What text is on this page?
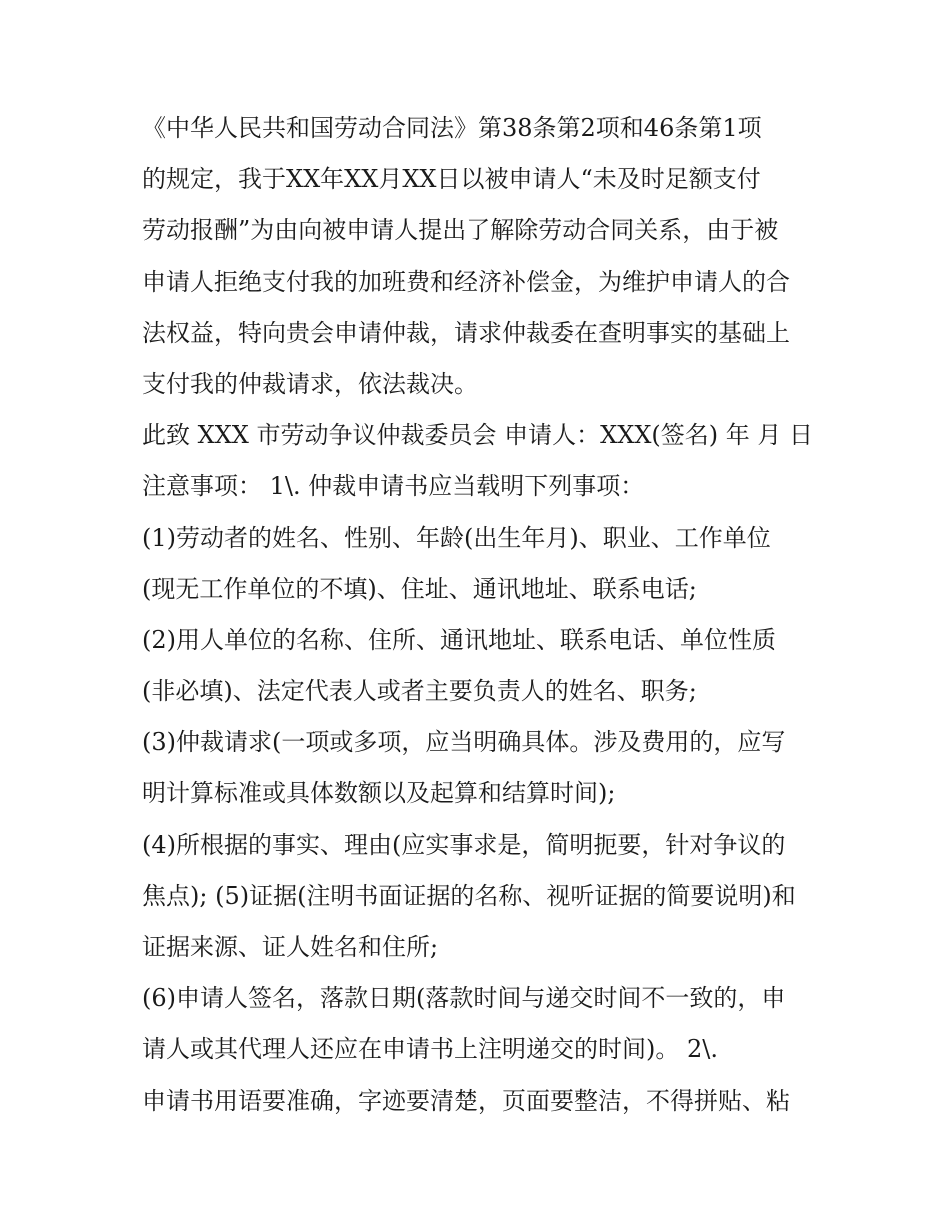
《中华人民共和国劳动合同法》第38条第2项和46条第1项
的规定，我于XX年XX月XX日以被申请人“未及时足额支付
劳动报酬”为由向被申请人提出了解除劳动合同关系，由于被
申请人拒绝支付我的加班费和经济补偿金，为维护申请人的合
法权益，特向贵会申请仲裁，请求仲裁委在查明事实的基础上
支付我的仲裁请求，依法裁决。
此致 XXX 市劳动争议仲裁委员会 申请人：XXX(签名) 年 月 日
注意事项： 1\. 仲裁申请书应当载明下列事项：
(1)劳动者的姓名、性别、年龄(出生年月)、职业、工作单位
(现无工作单位的不填)、住址、通讯地址、联系电话;
(2)用人单位的名称、住所、通讯地址、联系电话、单位性质
(非必填)、法定代表人或者主要负责人的姓名、职务;
(3)仲裁请求(一项或多项，应当明确具体。涉及费用的，应写
明计算标准或具体数额以及起算和结算时间);
(4)所根据的事实、理由(应实事求是，简明扼要，针对争议的
焦点); (5)证据(注明书面证据的名称、视听证据的简要说明)和
证据来源、证人姓名和住所;
(6)申请人签名，落款日期(落款时间与递交时间不一致的，申
请人或其代理人还应在申请书上注明递交的时间)。 2\.
申请书用语要准确，字迹要清楚，页面要整洁，不得拼贴、粘
